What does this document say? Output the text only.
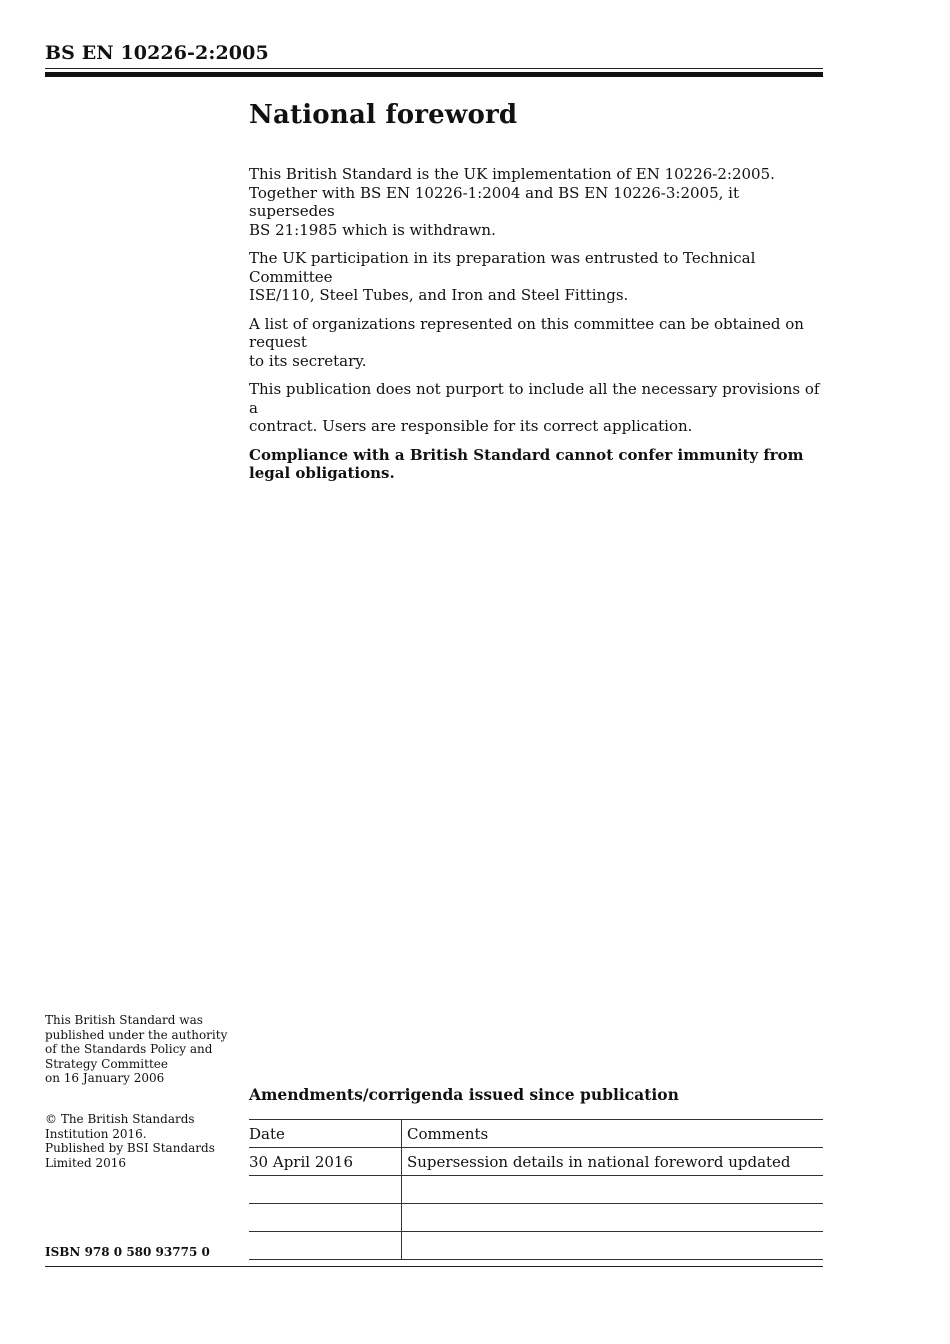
BS EN 10226-2:2005
National foreword

This British Standard is the UK implementation of EN 10226-2:2005.
Together with BS EN 10226-1:2004 and BS EN 10226-3:2005, it supersedes
BS 21:1985 which is withdrawn.

The UK participation in its preparation was entrusted to Technical Committee
ISE/110, Steel Tubes, and Iron and Steel Fittings.

A list of organizations represented on this committee can be obtained on request
to its secretary.

This publication does not purport to include all the necessary provisions of a
contract. Users are responsible for its correct application.

Compliance with a British Standard cannot confer immunity from
legal obligations.

This British Standard was
published under the authority
of the Standards Policy and
Strategy Committee
on 16 January 2006
© The British Standards
Institution 2016.
Published by BSI Standards
Limited 2016
ISBN 978 0 580 93775 0
Amendments/corrigenda issued since publication
Date	Comments
30 April 2016	Supersession details in national foreword updated
